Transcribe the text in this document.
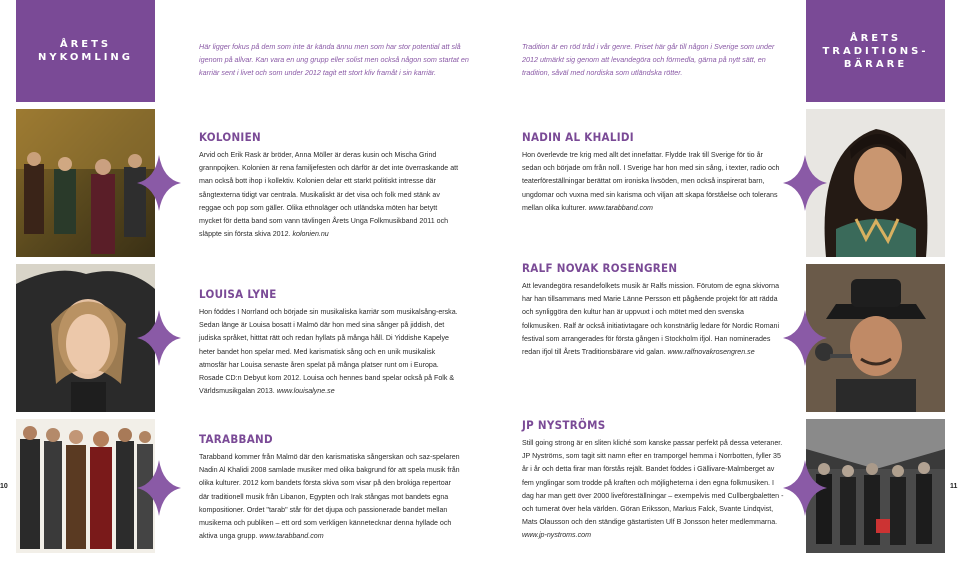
ÅRETS
NYKOMLING
ÅRETS
TRADITIONS-
BÄRARE
Här ligger fokus på dem som inte är kända ännu men som har stor potential att slå igenom på allvar. Kan vara en ung grupp eller solist men också någon som startat en karriär sent i livet och som under 2012 tagit ett stort kliv framåt i sin karriär.
Tradition är en röd tråd i vår genre. Priset här går till någon i Sverige som under 2012 utmärkt sig genom att levandegöra och förmedla, gärna på nytt sätt, en tradition, såväl med nordiska som utländska rötter.
KOLONIEN

Arvid och Erik Rask är bröder, Anna Möller är deras kusin och Mischa Grind grannpojken. Kolonien är rena familjefesten och därför är det inte överraskande att man också bott ihop i kollektiv. Kolonien delar ett starkt politiskt intresse där sångtexterna tidigt var centrala. Musikaliskt är det visa och folk med stänk av reggae och pop som gäller. Olika ethnoläger och utländska möten har betytt mycket för detta band som vann tävlingen Årets Unga Folkmusikband 2011 och släppte sin första skiva 2012. kolonien.nu

LOUISA LYNE

Hon föddes I Norrland och började sin musikaliska karriär som musikalsång-erska. Sedan länge är Louisa bosatt i Malmö där hon med sina sånger på jiddish, det judiska språket, hitttat rätt och redan hyllats på många håll. Di Yiddishe Kapelye heter bandet hon spelar med. Med karismatisk sång och en unik musikalisk atmosfär har Louisa senaste åren spelat på många platser runt om i Europa. Rosade CD:n Debyut kom 2012. Louisa och hennes band spelar också på Folk & Världsmusikgalan 2013. www.louisalyne.se

TARABBAND

Tarabband kommer från Malmö där den karismatiska sångerskan och saz-spelaren Nadin Al Khalidi 2008 samlade musiker med olika bakgrund för att spela musik från olika kulturer. 2012 kom bandets första skiva som visar på den brokiga repertoar där traditionell musik från Libanon, Egypten och Irak stångas mot bandets egna kompositioner. Ordet "tarab" står för det djupa och passionerade bandet mellan musikerna och publiken – ett ord som verkligen kännetecknar denna hyllade och aktiva unga grupp. www.tarabband.com

NADIN AL KHALIDI

Hon överlevde tre krig med allt det innefattar. Flydde Irak till Sverige för tio år sedan och började om från noll. I Sverige har hon med sin sång, i texter, radio och teaterföreställningar berättat om ironiska livsöden, men också inspirerat barn, ungdomar och vuxna med sin karisma och viljan att skapa förståelse och tolerans mellan olika kulturer. www.tarabband.com

RALF NOVAK ROSENGREN

Att levandegöra resandefolkets musik är Ralfs mission. Förutom de egna skivorna har han tillsammans med Marie Länne Persson ett pågående projekt för att rädda och synliggöra den kultur han är uppvuxt i och mötet med den svenska folkmusiken. Ralf är också initiativtagare och konstnärlig ledare för Nordic Romani festival som arrangerades för första gången i Stockholm ifjol. Han nominerades redan ifjol till Årets Traditionsbärare vid galan. www.ralfnovakrosengren.se

JP NYSTRÖMS

Still going strong är en sliten kliché som kanske passar perfekt på dessa veteraner. JP Nyströms, som tagit sitt namn efter en tramporgel hemma i Norrbotten, fyller 35 år i år och detta firar man förstås rejält. Bandet föddes i Gällivare-Malmberget av fem ynglingar som trodde på kraften och möjligheterna i den egna folkmusiken. I dag har man gett över 2000 liveföreställningar – exempelvis med Cullbergbaletten - och turnerat över hela världen. Göran Eriksson, Markus Falck, Svante Lindqvist, Mats Olausson och den ständige gästartisten Ulf B Jonsson heter medlemmarna. www.jp-nystroms.com

10	11
